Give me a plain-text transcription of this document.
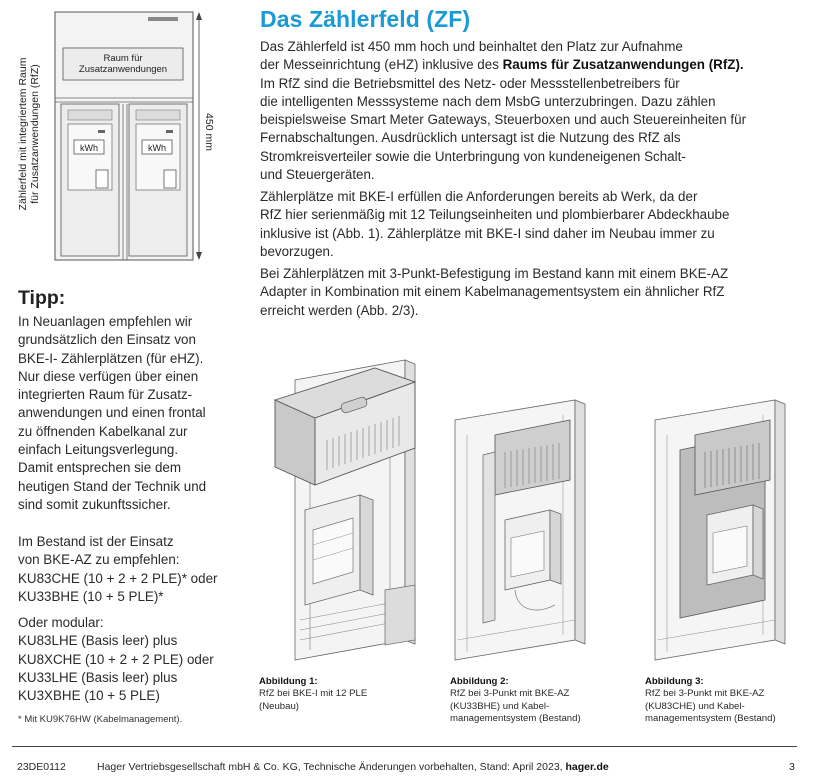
Raum für
Zusatzanwendungen
kWh	kWh	450 mm
Zählerfeld mit integriertem Raum für Zusatzanwendungen (RfZ)
Das Zählerfeld (ZF)
Das Zählerfeld ist 450 mm hoch und beinhaltet den Platz zur Aufnahme
der Messeinrichtung (eHZ) inklusive des Raums für Zusatzanwendungen (RfZ).
Im RfZ sind die Betriebsmittel des Netz- oder Messstellenbetreibers für
die intelligenten Messsysteme nach dem MsbG unterzubringen. Dazu zählen
beispielsweise Smart Meter Gateways, Steuerboxen und auch Steuereinheiten für
Fernabschaltungen. Ausdrücklich untersagt ist die Nutzung des RfZ als
Stromkreisverteiler sowie die Unterbringung von kundeneigenen Schalt-
und Steuergeräten.
Zählerplätze mit BKE-I erfüllen die Anforderungen bereits ab Werk, da der
RfZ hier serienmäßig mit 12 Teilungseinheiten und plombierbarer Abdeckhaube
inklusive ist (Abb. 1). Zählerplätze mit BKE-I sind daher im Neubau immer zu
bevorzugen.
Bei Zählerplätzen mit 3-Punkt-Befestigung im Bestand kann mit einem BKE-AZ
Adapter in Kombination mit einem Kabelmanagementsystem ein ähnlicher RfZ
erreicht werden (Abb. 2/3).
Tipp:
In Neuanlagen empfehlen wir
grundsätzlich den Einsatz von
BKE-I- Zählerplätzen (für eHZ).
Nur diese verfügen über einen
integrierten Raum für Zusatz-
anwendungen und einen frontal
zu öffnenden Kabelkanal zur
einfach Leitungsverlegung.
Damit entsprechen sie dem
heutigen Stand der Technik und
sind somit zukunftssicher.
Im Bestand ist der Einsatz
von BKE-AZ zu empfehlen:
KU83CHE (10 + 2 + 2 PLE)* oder
KU33BHE (10 + 5 PLE)*
Oder modular:
KU83LHE (Basis leer) plus
KU8XCHE (10 + 2 + 2 PLE) oder
KU33LHE (Basis leer) plus
KU3XBHE (10 + 5 PLE)
* Mit KU9K76HW (Kabelmanagement).
Abbildung 1:
RfZ bei BKE-I mit 12 PLE
(Neubau)
Abbildung 2:
RfZ bei 3-Punkt mit BKE-AZ
(KU33BHE) und Kabel-
managementsystem (Bestand)
Abbildung 3:
RfZ bei 3-Punkt mit BKE-AZ
(KU83CHE) und Kabel-
managementsystem (Bestand)
23DE0112	Hager Vertriebsgesellschaft mbH & Co. KG, Technische Änderungen vorbehalten, Stand: April 2023, hager.de	3
